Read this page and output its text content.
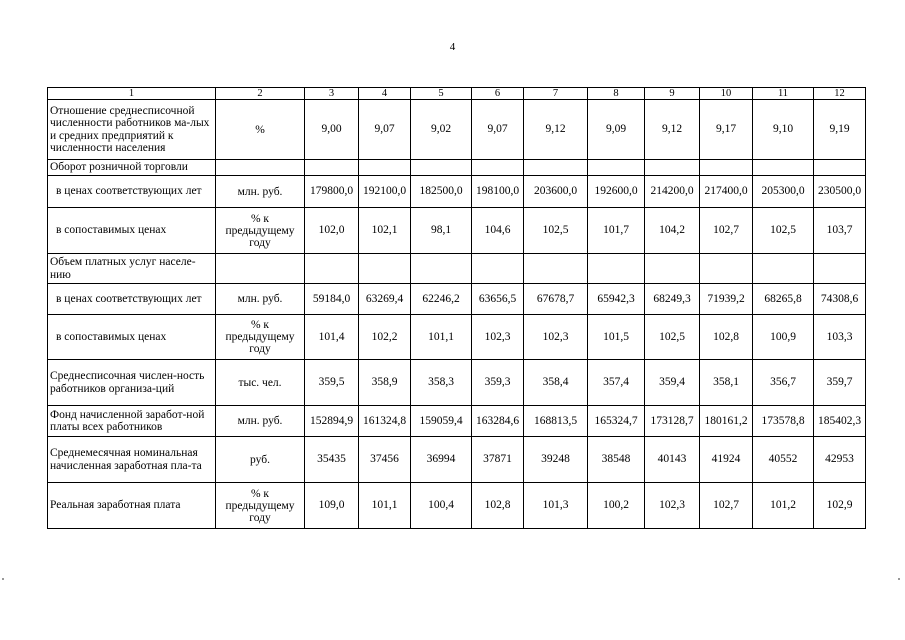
4
1	2	3	4	5	6	7	8	9	10	11	12
Отношение среднесписочной численности работников ма-лых и средних предприятий к численности населения	%	9,00	9,07	9,02	9,07	9,12	9,09	9,12	9,17	9,10	9,19
Оборот розничной торговли											
в ценах соответствующих лет	млн. руб.	179800,0	192100,0	182500,0	198100,0	203600,0	192600,0	214200,0	217400,0	205300,0	230500,0
в сопоставимых ценах	% к предыдущему году	102,0	102,1	98,1	104,6	102,5	101,7	104,2	102,7	102,5	103,7
Объем платных услуг населе-нию											
в ценах соответствующих лет	млн. руб.	59184,0	63269,4	62246,2	63656,5	67678,7	65942,3	68249,3	71939,2	68265,8	74308,6
в сопоставимых ценах	% к предыдущему году	101,4	102,2	101,1	102,3	102,3	101,5	102,5	102,8	100,9	103,3
Среднесписочная числен-ность работников организа-ций	тыс. чел.	359,5	358,9	358,3	359,3	358,4	357,4	359,4	358,1	356,7	359,7
Фонд начисленной заработ-ной платы всех работников	млн. руб.	152894,9	161324,8	159059,4	163284,6	168813,5	165324,7	173128,7	180161,2	173578,8	185402,3
Среднемесячная номинальная начисленная заработная пла-та	руб.	35435	37456	36994	37871	39248	38548	40143	41924	40552	42953
Реальная заработная плата	% к предыдущему году	109,0	101,1	100,4	102,8	101,3	100,2	102,3	102,7	101,2	102,9
